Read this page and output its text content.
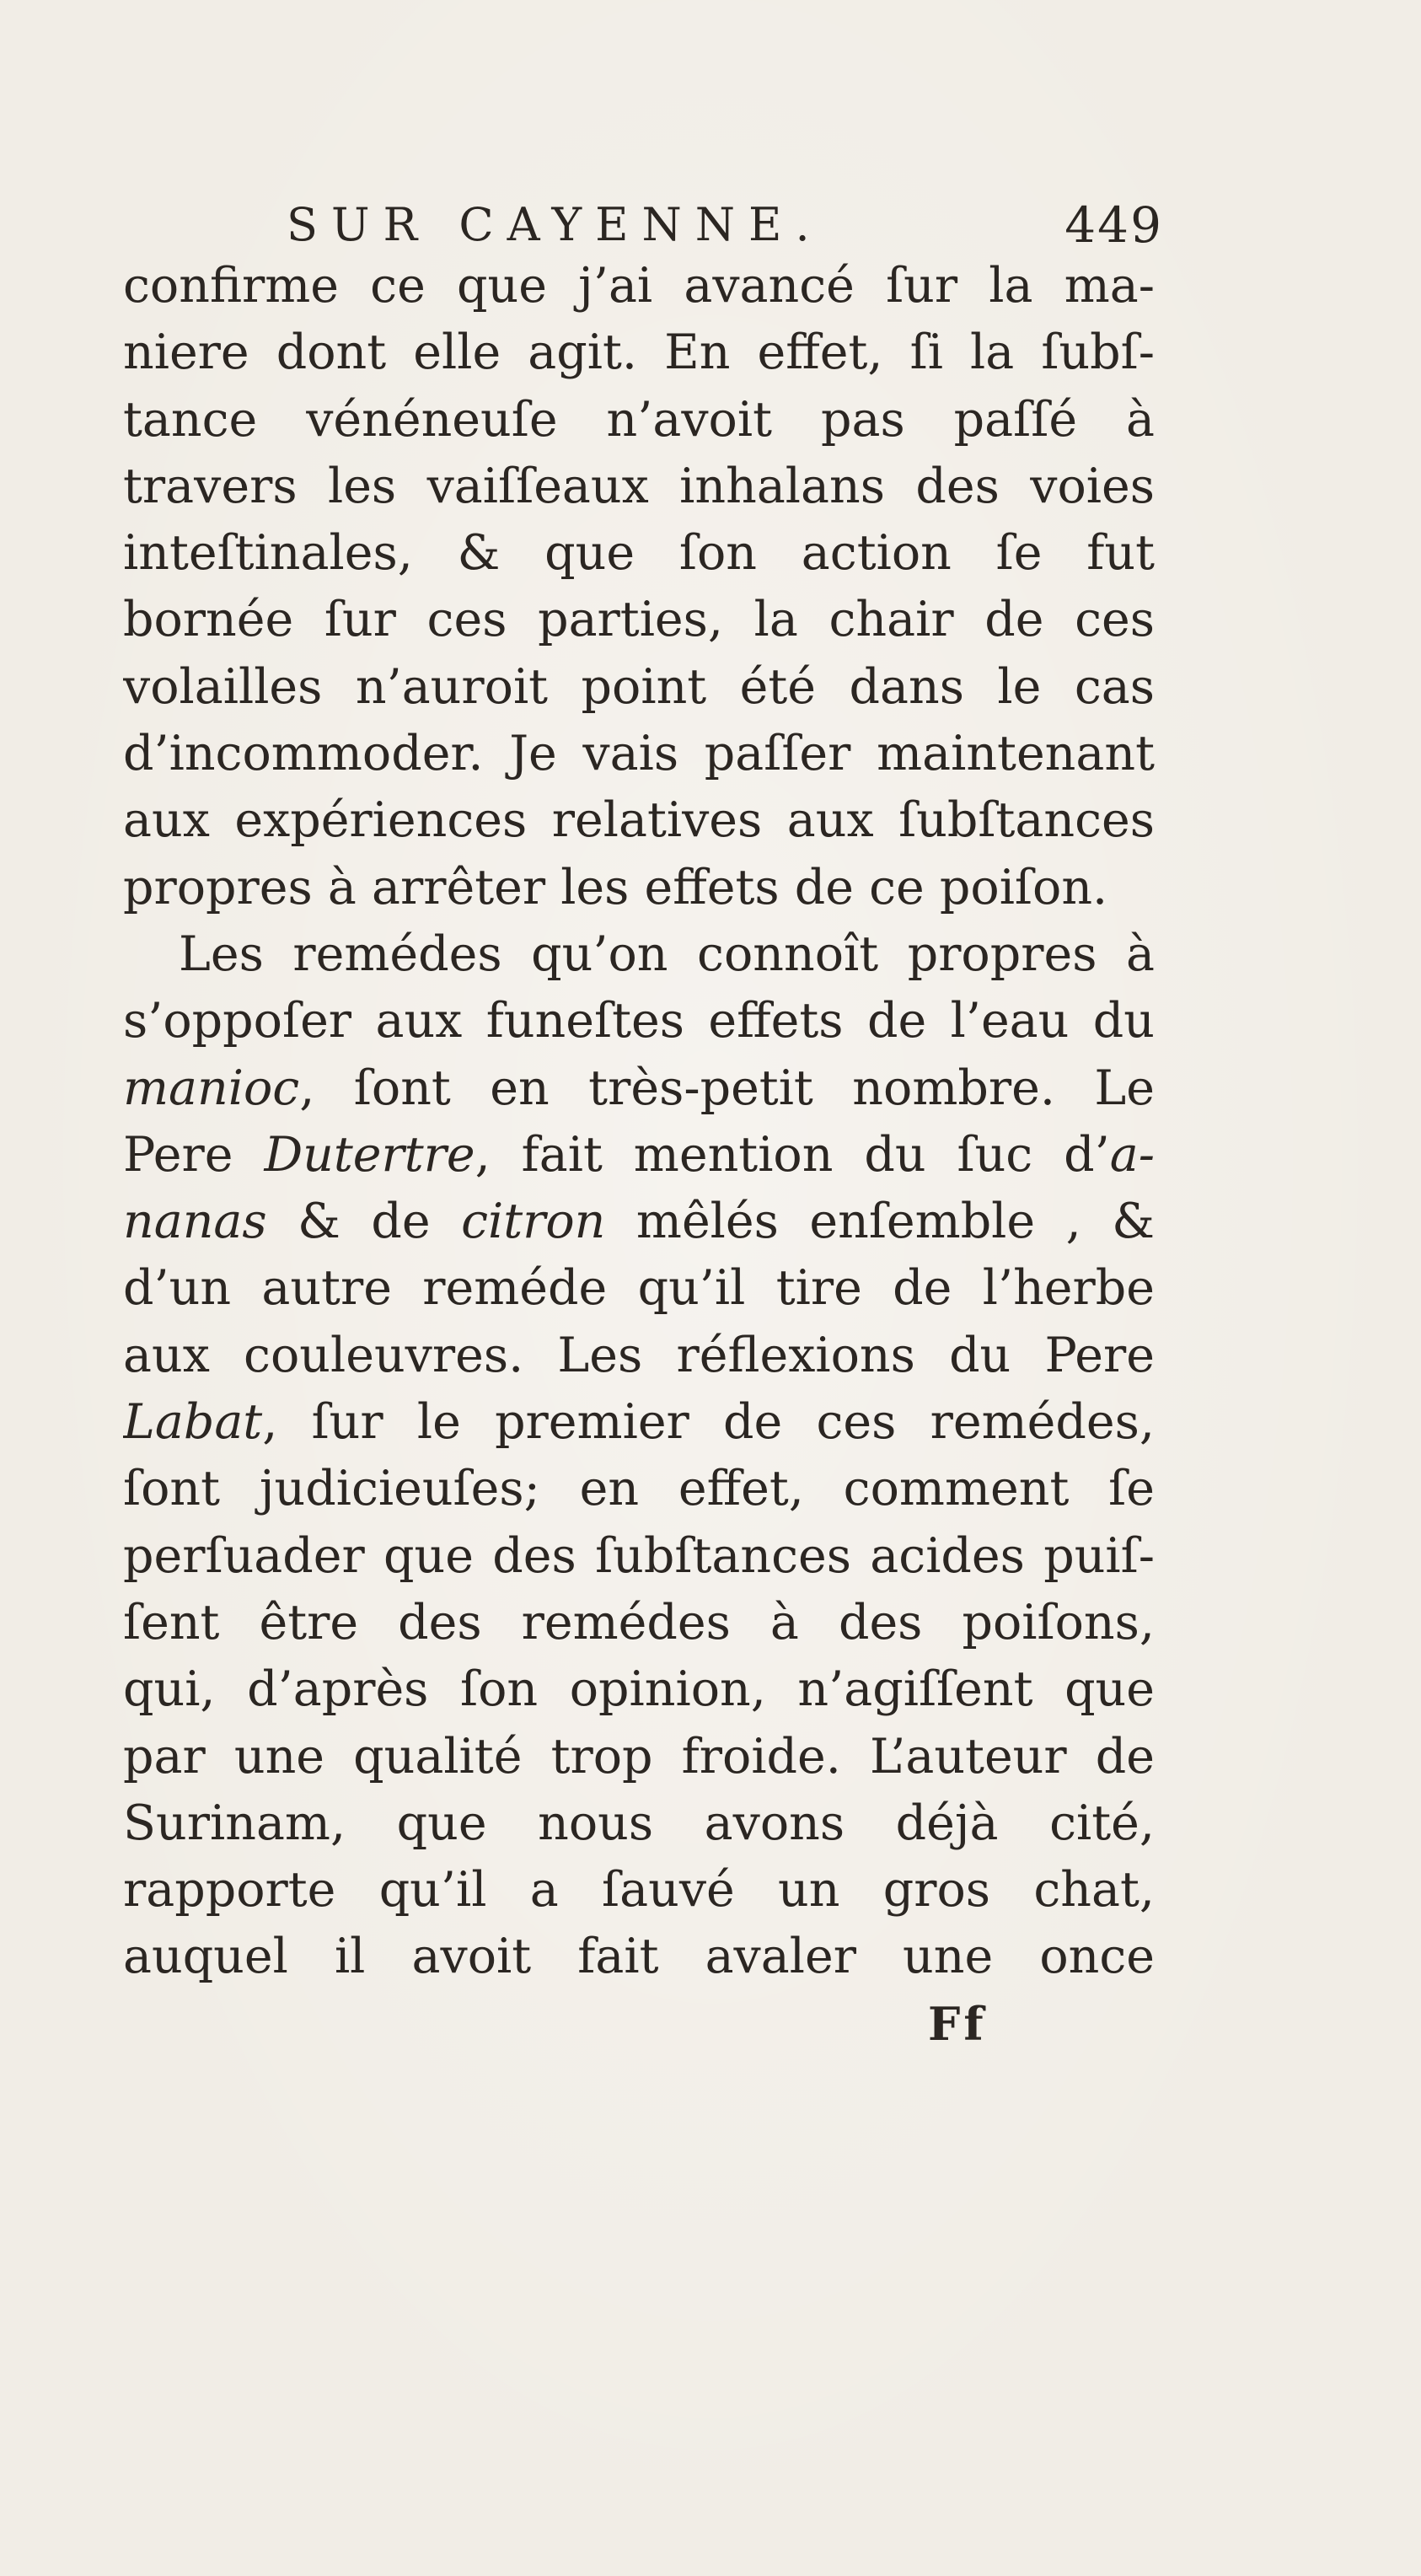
SUR CAYENNE.	449
confirme ce que j’ai avancé ſur la ma-
niere dont elle agit. En effet, ſi la ſubſ-
tance vénéneuſe n’avoit pas paſſé à
travers les vaiſſeaux inhalans des voies
inteſtinales, & que ſon action ſe fut
bornée ſur ces parties, la chair de ces
volailles n’auroit point été dans le cas
d’incommoder. Je vais paſſer maintenant
aux expériences relatives aux ſubſtances
propres à arrêter les effets de ce poiſon.
Les remédes qu’on connoît propres à
s’oppoſer aux funeſtes effets de l’eau du
manioc, ſont en très-petit nombre. Le
Pere Dutertre, fait mention du ſuc d’a-
nanas & de citron mêlés enſemble , &
d’un autre reméde qu’il tire de l’herbe
aux couleuvres. Les réflexions du Pere
Labat, ſur le premier de ces remédes,
ſont judicieuſes; en effet, comment ſe
perſuader que des ſubſtances acides puiſ-
ſent être des remédes à des poiſons,
qui, d’après ſon opinion, n’agiſſent que
par une qualité trop froide. L’auteur de
Surinam, que nous avons déjà cité,
rapporte qu’il a ſauvé un gros chat,
auquel il avoit fait avaler une once
Ff
